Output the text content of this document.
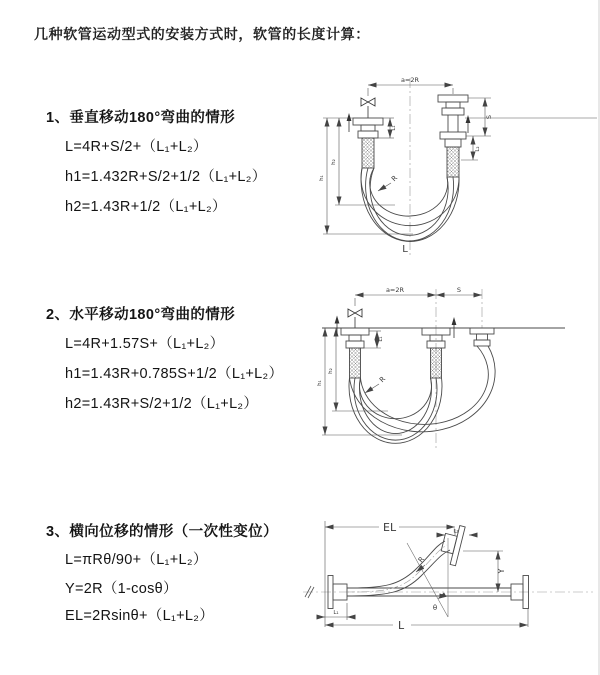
几种软管运动型式的安装方式时，软管的长度计算：
1、垂直移动180°弯曲的情形
L=4R+S/2+（L₁+L₂）
h1=1.432R+S/2+1/2（L₁+L₂）
h2=1.43R+1/2（L₁+L₂）
2、水平移动180°弯曲的情形
L=4R+1.57S+（L₁+L₂）
h1=1.43R+0.785S+1/2（L₁+L₂）
h2=1.43R+S/2+1/2（L₁+L₂）
3、横向位移的情形（一次性变位）
L=πRθ/90+（L₁+L₂）
Y=2R（1-cosθ）
EL=2Rsinθ+（L₁+L₂）
a=2R
L₁
S
L₂
h₁
h₂
R
L
a=2R	S
L₁
h₁
h₂
R
EL	L₂
Y
L
L₁
R
θ
